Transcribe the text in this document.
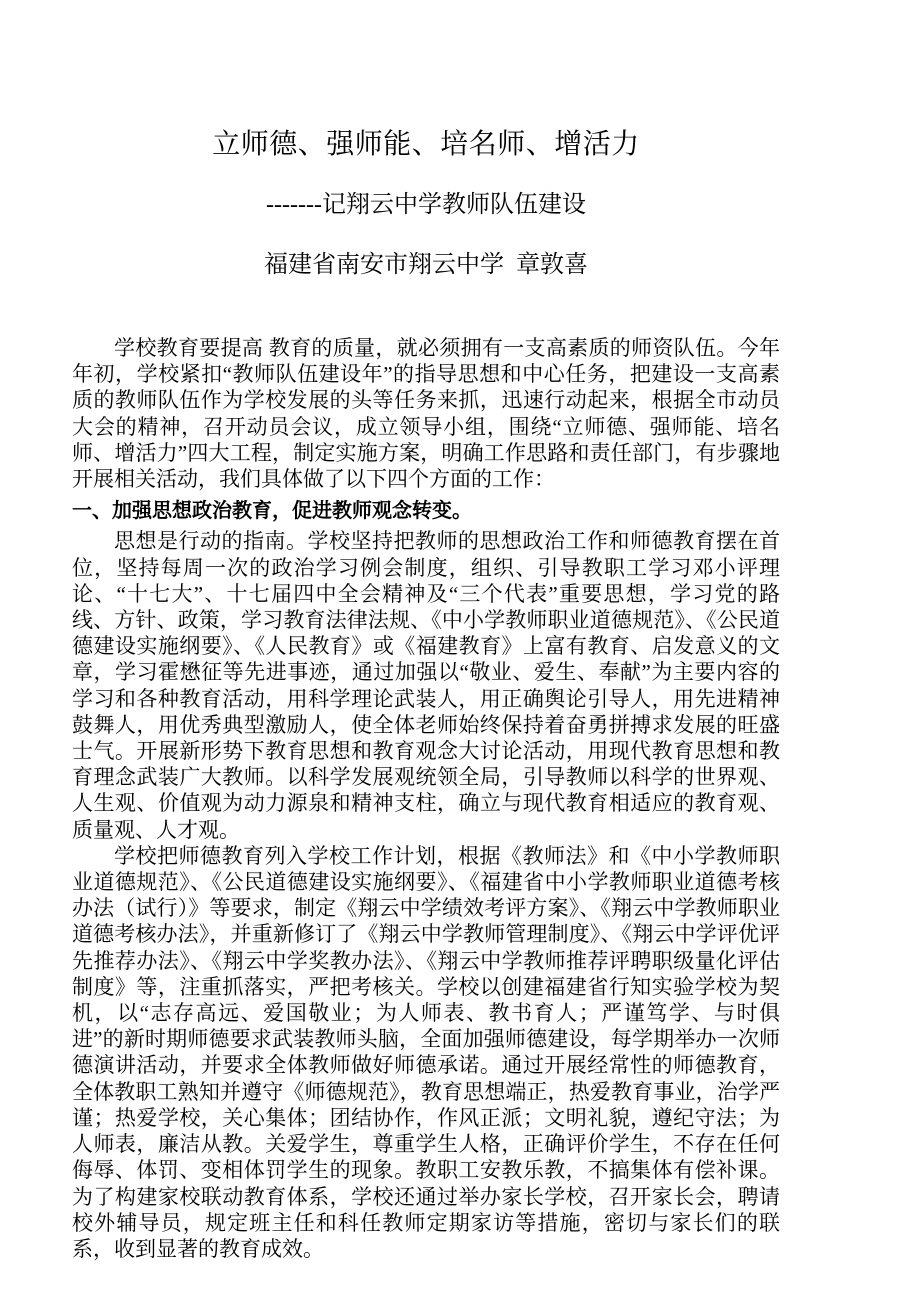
立师德、强师能、培名师、增活力
-------记翔云中学教师队伍建设
福建省南安市翔云中学  章敦喜

学校教育要提高 教育的质量，就必须拥有一支高素质的师资队伍。今年年初，学校紧扣“教师队伍建设年”的指导思想和中心任务，把建设一支高素质的教师队伍作为学校发展的头等任务来抓，迅速行动起来，根据全市动员大会的精神，召开动员会议，成立领导小组，围绕“立师德、强师能、培名师、增活力”四大工程，制定实施方案，明确工作思路和责任部门，有步骤地开展相关活动，我们具体做了以下四个方面的工作：

一、加强思想政治教育，促进教师观念转变。

思想是行动的指南。学校坚持把教师的思想政治工作和师德教育摆在首位，坚持每周一次的政治学习例会制度，组织、引导教职工学习邓小评理论、“十七大”、十七届四中全会精神及“三个代表”重要思想，学习党的路线、方针、政策，学习教育法律法规、《中小学教师职业道德规范》、《公民道德建设实施纲要》、《人民教育》或《福建教育》上富有教育、启发意义的文章，学习霍懋征等先进事迹，通过加强以“敬业、爱生、奉献”为主要内容的学习和各种教育活动，用科学理论武装人，用正确舆论引导人，用先进精神鼓舞人，用优秀典型激励人，使全体老师始终保持着奋勇拼搏求发展的旺盛士气。开展新形势下教育思想和教育观念大讨论活动，用现代教育思想和教育理念武装广大教师。以科学发展观统领全局，引导教师以科学的世界观、人生观、价值观为动力源泉和精神支柱，确立与现代教育相适应的教育观、质量观、人才观。

学校把师德教育列入学校工作计划，根据《教师法》和《中小学教师职业道德规范》、《公民道德建设实施纲要》、《福建省中小学教师职业道德考核办法（试行）》等要求，制定《翔云中学绩效考评方案》、《翔云中学教师职业道德考核办法》，并重新修订了《翔云中学教师管理制度》、《翔云中学评优评先推荐办法》、《翔云中学奖教办法》、《翔云中学教师推荐评聘职级量化评估制度》等，注重抓落实，严把考核关。学校以创建福建省行知实验学校为契机，以“志存高远、爱国敬业；为人师表、教书育人；严谨笃学、与时俱进”的新时期师德要求武装教师头脑，全面加强师德建设，每学期举办一次师德演讲活动，并要求全体教师做好师德承诺。通过开展经常性的师德教育，全体教职工熟知并遵守《师德规范》，教育思想端正，热爱教育事业，治学严谨；热爱学校，关心集体；团结协作，作风正派；文明礼貌，遵纪守法；为人师表，廉洁从教。关爱学生，尊重学生人格，正确评价学生，不存在任何侮辱、体罚、变相体罚学生的现象。教职工安教乐教，不搞集体有偿补课。为了构建家校联动教育体系，学校还通过举办家长学校，召开家长会，聘请校外辅导员，规定班主任和科任教师定期家访等措施，密切与家长们的联系，收到显著的教育成效。
